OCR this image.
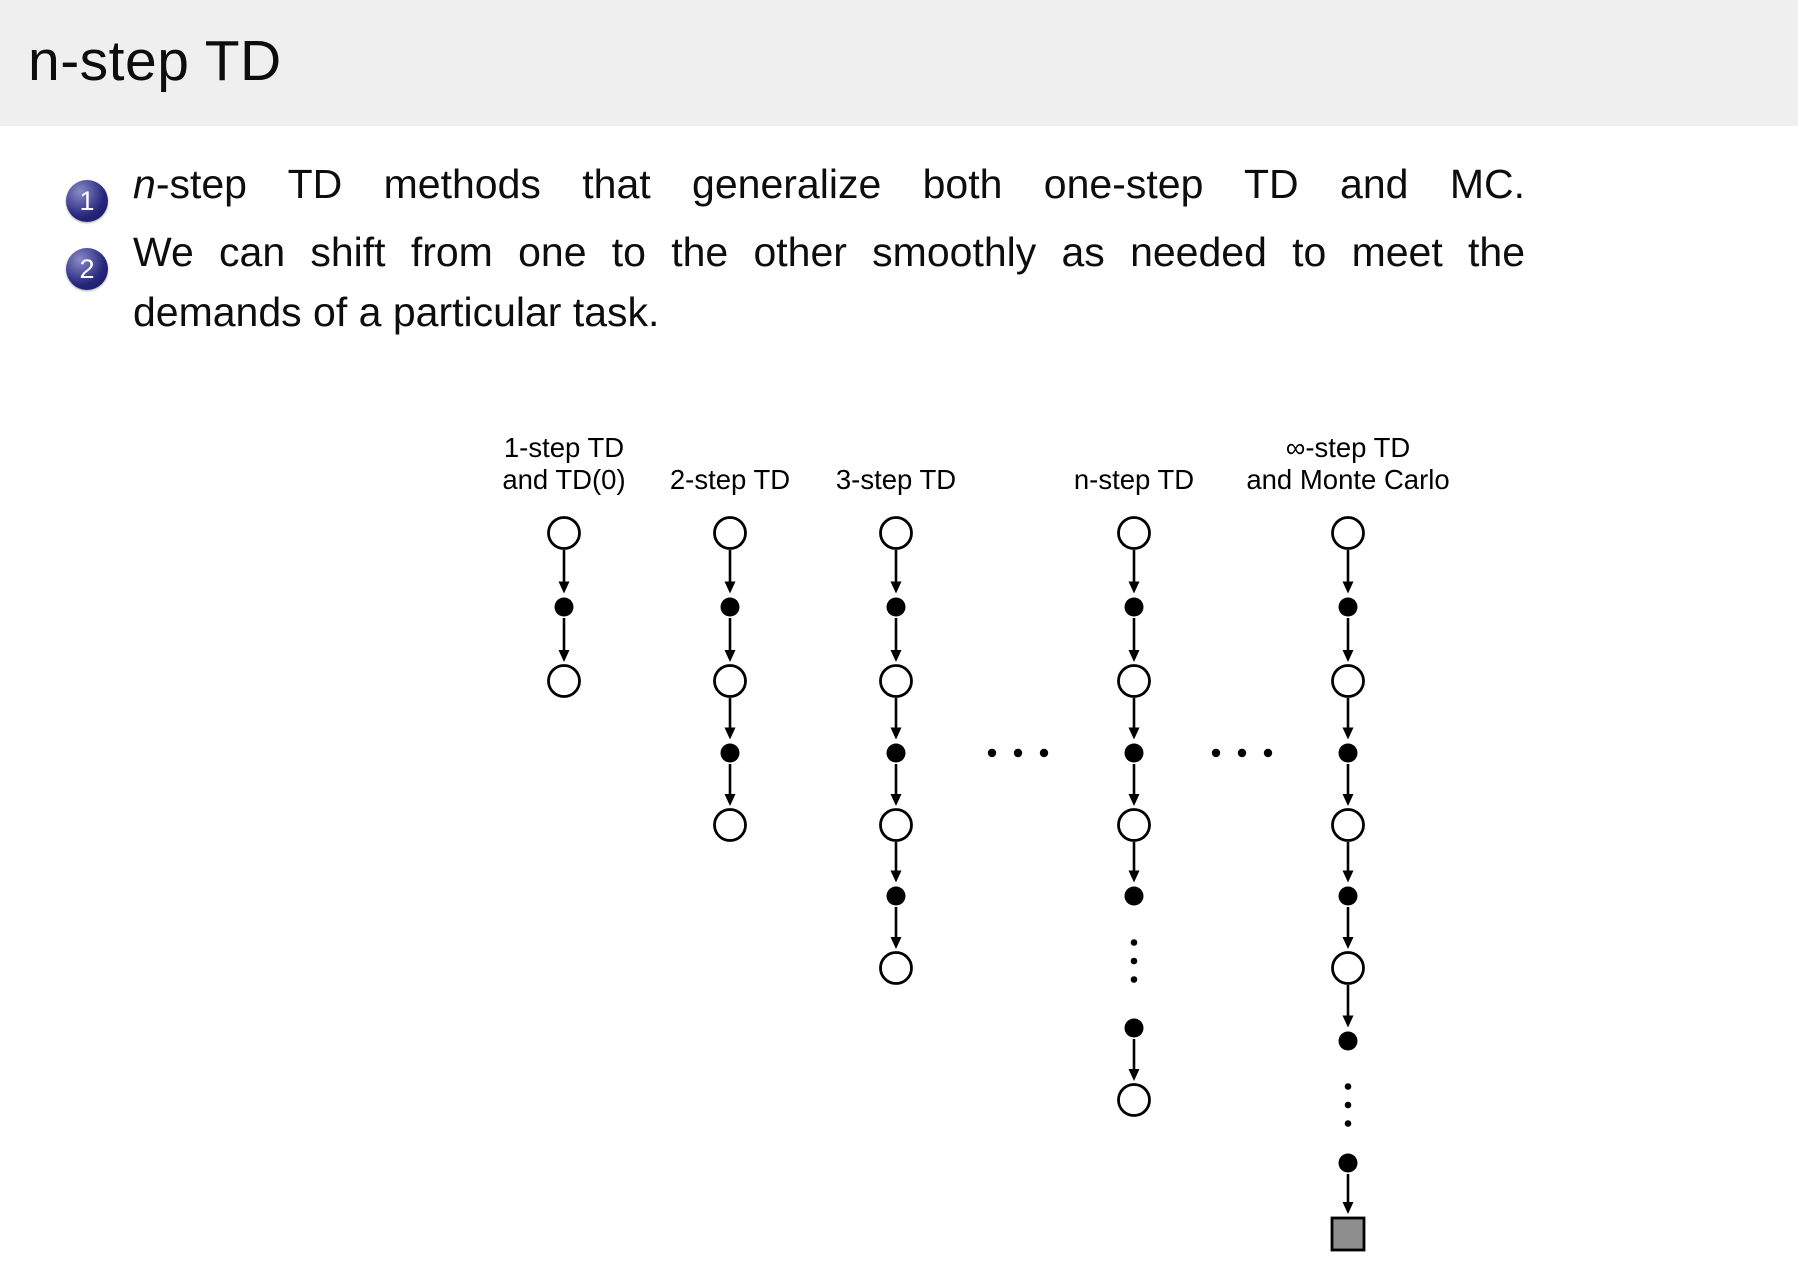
n-step TD
1 n-step TD methods that generalize both one-step TD and MC.
2 We can shift from one to the other smoothly as needed to meet the
demands of a particular task.
1-step TD
and TD(0) 2-step TD 3-step TD	n-step TD
∞-step TD
and Monte Carlo
